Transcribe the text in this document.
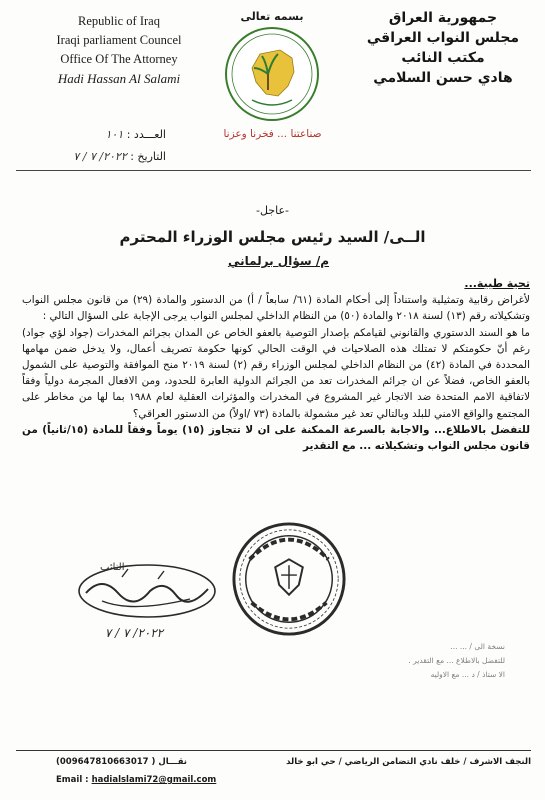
Republic of Iraq
Iraqi parliament Councel
Office Of The Attorney
Hadi Hassan Al Salami
جمهورية العراق
مجلس النواب العراقي
مكتب النائب
هادي حسن السلامي
بسمه تعالى
صناعتنا ... فخرنا وعزنا
العـــدد : ١٠١
التاريخ : ٢٠٢٢/ ٧ / ٧
-عاجل-
الــى/ السيد رئيس مجلس الوزراء المحترم
م/ سؤال برلماني

تحية طيبة...

لأغراض رقابية وتمثيلية واستناداً إلى أحكام المادة (٦١/ سابعاً / أ) من الدستور والمادة (٢٩) من قانون مجلس النواب وتشكيلاته رقم (١٣) لسنة ٢٠١٨ والمادة (٥٠) من النظام الداخلي لمجلس النواب يرجى الإجابة على السؤال التالي :

ما هو السند الدستوري والقانوني لقيامكم بإصدار التوصية بالعفو الخاص عن المدان بجرائم المخدرات (جواد لؤي جواد) رغم أنّ حكومتكم لا تمتلك هذه الصلاحيات في الوقت الحالي كونها حكومة تصريف أعمال، ولا يدخل ضمن مهامها المحددة في المادة (٤٢) من النظام الداخلي لمجلس الوزراء رقم (٢) لسنة ٢٠١٩ منح الموافقة والتوصية على الشمول بالعفو الخاص، فضلاً عن ان جرائم المخدرات تعد من الجرائم الدولية العابرة للحدود، ومن الافعال المجرمة دولياً وفقاً لاتفاقية الامم المتحدة ضد الاتجار غير المشروع في المخدرات والمؤثرات العقلية لعام ١٩٨٨ بما لها من مخاطر على المجتمع والواقع الامني للبلد وبالتالي تعد غير مشمولة بالمادة (٧٣ /اولاً) من الدستور العراقي؟

للتفضل بالاطلاع... والاجابة بالسرعة الممكنة على ان لا تتجاوز (١٥) يوماً وفقاً للمادة (١٥/ثانياً) من قانون مجلس النواب وتشكيلاته ... مع التقدير

النائب
٢٠٢٢/ ٧ / ٧
نسخة الى / ... ...
للتفضل بالاطلاع ... مع التقدير .
الا ستاذ / د ... مع الاوليه
النجف الاشرف / خلف نادي التضامن الرياضي / حي ابو خالد
(009647810663017 ) نقـــال
Email : hadialslami72@gmail.com
